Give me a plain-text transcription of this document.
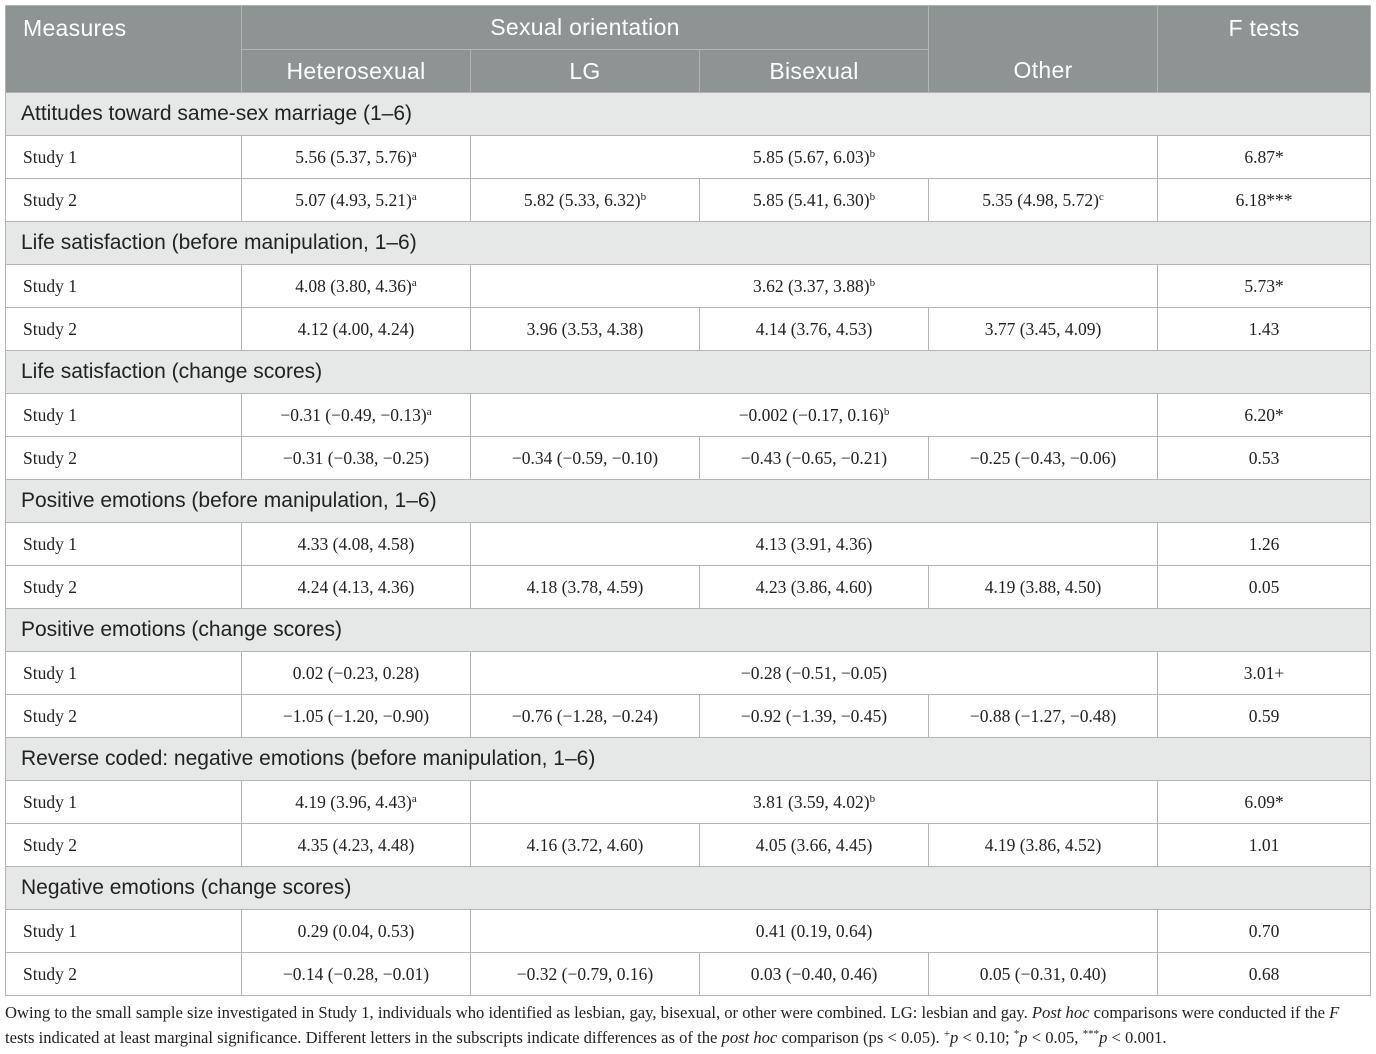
Measures	Sexual orientation			Other	F tests
	Heterosexual	LG	Bisexual		
Attitudes toward same-sex marriage (1–6)					
Study 1	5.56 (5.37, 5.76)$^a$	5.85 (5.67, 6.03)$^b$			6.87*
Study 2	5.07 (4.93, 5.21)$^a$	5.82 (5.33, 6.32)$^b$	5.85 (5.41, 6.30)$^b$	5.35 (4.98, 5.72)$^c$	6.18***
Life satisfaction (before manipulation, 1–6)					
Study 1	4.08 (3.80, 4.36)$^a$	3.62 (3.37, 3.88)$^b$			5.73*
Study 2	4.12 (4.00, 4.24)	3.96 (3.53, 4.38)	4.14 (3.76, 4.53)	3.77 (3.45, 4.09)	1.43
Life satisfaction (change scores)					
Study 1	−0.31 (−0.49, −0.13)$^a$	−0.002 (−0.17, 0.16)$^b$			6.20*
Study 2	−0.31 (−0.38, −0.25)	−0.34 (−0.59, −0.10)	−0.43 (−0.65, −0.21)	−0.25 (−0.43, −0.06)	0.53
Positive emotions (before manipulation, 1–6)					
Study 1	4.33 (4.08, 4.58)	4.13 (3.91, 4.36)			1.26
Study 2	4.24 (4.13, 4.36)	4.18 (3.78, 4.59)	4.23 (3.86, 4.60)	4.19 (3.88, 4.50)	0.05
Positive emotions (change scores)					
Study 1	0.02 (−0.23, 0.28)	−0.28 (−0.51, −0.05)			3.01+
Study 2	−1.05 (−1.20, −0.90)	−0.76 (−1.28, −0.24)	−0.92 (−1.39, −0.45)	−0.88 (−1.27, −0.48)	0.59
Reverse coded: negative emotions (before manipulation, 1–6)					
Study 1	4.19 (3.96, 4.43)$^a$	3.81 (3.59, 4.02)$^b$			6.09*
Study 2	4.35 (4.23, 4.48)	4.16 (3.72, 4.60)	4.05 (3.66, 4.45)	4.19 (3.86, 4.52)	1.01
Negative emotions (change scores)					
Study 1	0.29 (0.04, 0.53)	0.41 (0.19, 0.64)			0.70
Study 2	−0.14 (−0.28, −0.01)	−0.32 (−0.79, 0.16)	0.03 (−0.40, 0.46)	0.05 (−0.31, 0.40)	0.68
Owing to the small sample size investigated in Study 1, individuals who identified as lesbian, gay, bisexual, or other were combined. LG: lesbian and gay. Post hoc comparisons were conducted if the F tests indicated at least marginal significance. Different letters in the subscripts indicate differences as of the post hoc comparison (ps < 0.05). +p < 0.10; *p < 0.05, ***p < 0.001.
